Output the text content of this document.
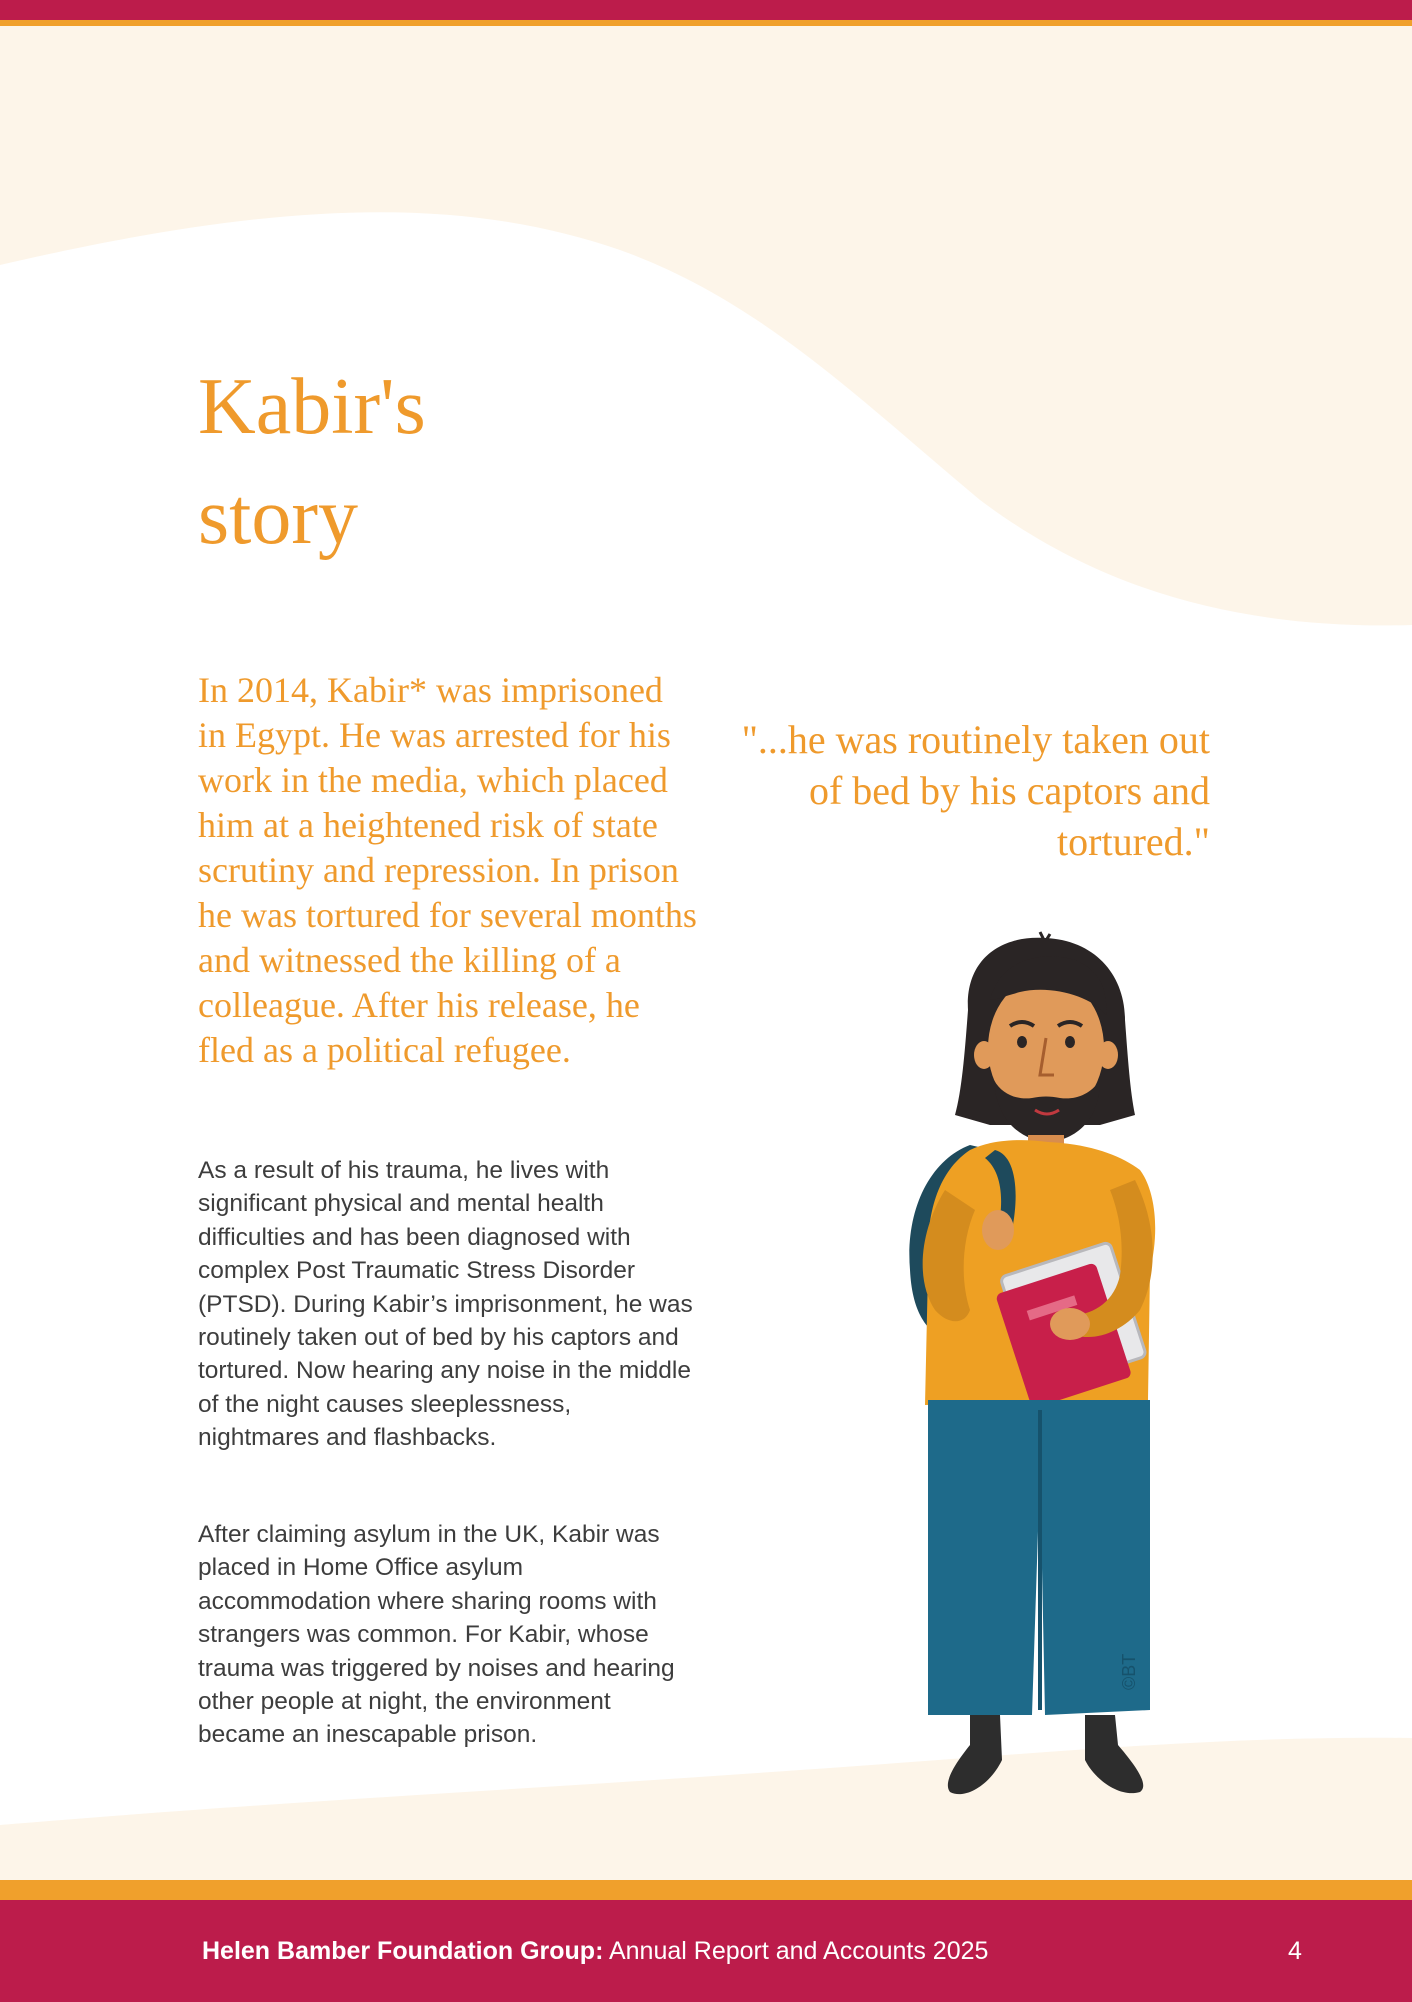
Kabir's
story

In 2014, Kabir* was imprisoned in Egypt. He was arrested for his work in the media, which placed him at a heightened risk of state scrutiny and repression. In prison he was tortured for several months and witnessed the killing of a colleague. After his release, he fled as a political refugee.

As a result of his trauma, he lives with significant physical and mental health difficulties and has been diagnosed with complex Post Traumatic Stress Disorder (PTSD). During Kabir’s imprisonment, he was routinely taken out of bed by his captors and tortured. Now hearing any noise in the middle of the night causes sleeplessness, nightmares and flashbacks.

After claiming asylum in the UK, Kabir was placed in Home Office asylum accommodation where sharing rooms with strangers was common. For Kabir, whose trauma was triggered by noises and hearing other people at night, the environment became an inescapable prison.

"...he was routinely taken out of bed by his captors and tortured."

©BT
Helen Bamber Foundation Group: Annual Report and Accounts 2025	4
